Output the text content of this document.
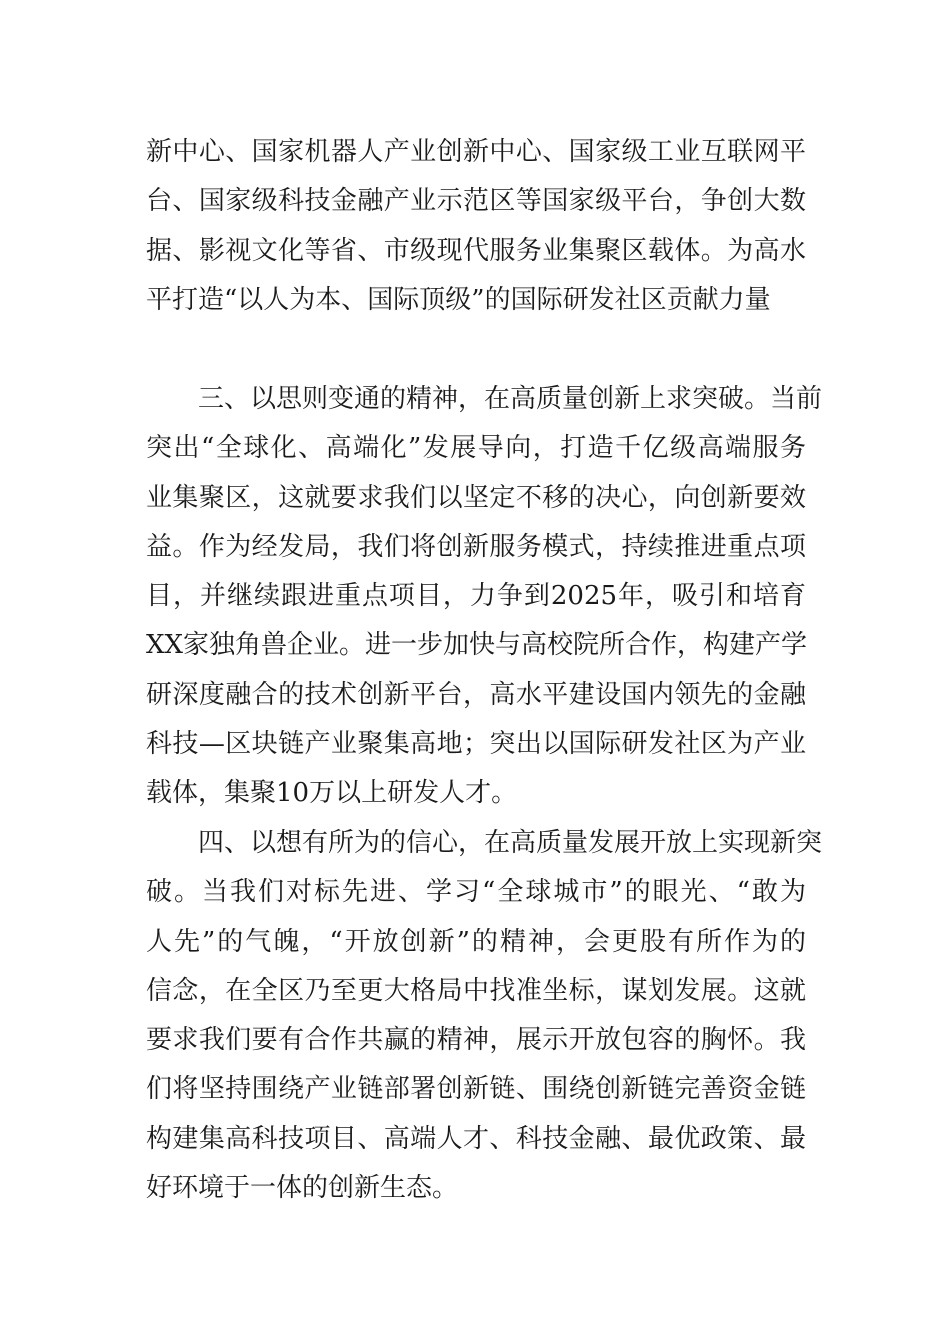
新中心、国家机器人产业创新中心、国家级工业互联网平
台、国家级科技金融产业示范区等国家级平台，争创大数
据、影视文化等省、市级现代服务业集聚区载体。为高水
平打造“以人为本、国际顶级”的国际研发社区贡献力量
三、以思则变通的精神，在高质量创新上求突破。当前
突出“全球化、高端化”发展导向，打造千亿级高端服务
业集聚区，这就要求我们以坚定不移的决心，向创新要效
益。作为经发局，我们将创新服务模式，持续推进重点项
目，并继续跟进重点项目，力争到2025年，吸引和培育
XX家独角兽企业。进一步加快与高校院所合作，构建产学
研深度融合的技术创新平台，高水平建设国内领先的金融
科技—区块链产业聚集高地；突出以国际研发社区为产业
载体，集聚10万以上研发人才。
四、以想有所为的信心，在高质量发展开放上实现新突
破。当我们对标先进、学习“全球城市”的眼光、“敢为
人先”的气魄，“开放创新”的精神，会更股有所作为的
信念，在全区乃至更大格局中找准坐标，谋划发展。这就
要求我们要有合作共赢的精神，展示开放包容的胸怀。我
们将坚持围绕产业链部署创新链、围绕创新链完善资金链
构建集高科技项目、高端人才、科技金融、最优政策、最
好环境于一体的创新生态。
